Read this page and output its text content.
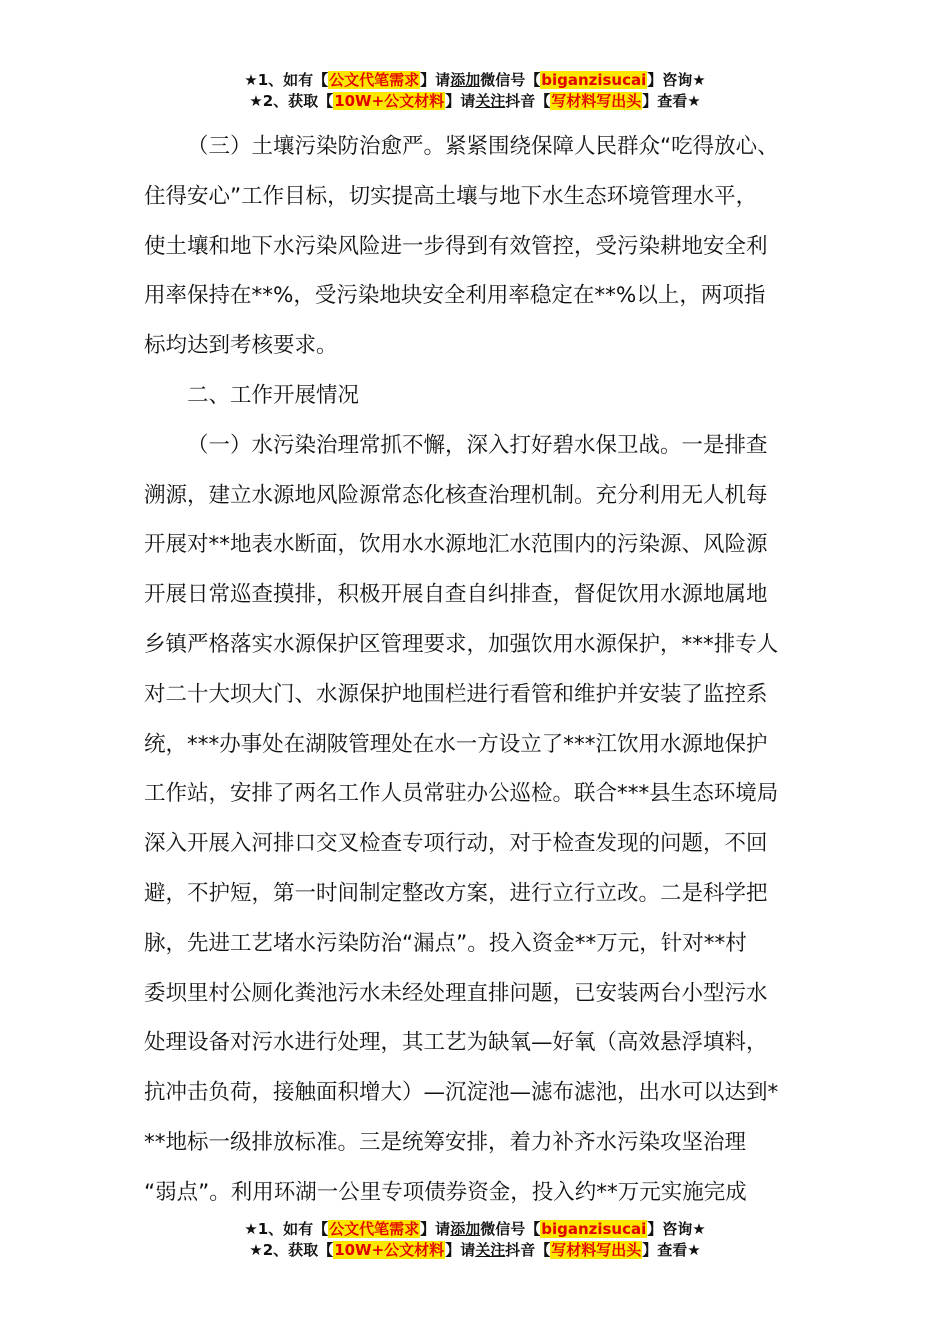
★1、如有【公文代笔需求】请添加微信号【biganzisucai】咨询★
★2、获取【10W+公文材料】请关注抖音【写材料写出头】查看★
（三）土壤污染防治愈严。紧紧围绕保障人民群众“吃得放心、
住得安心”工作目标，切实提高土壤与地下水生态环境管理水平，
使土壤和地下水污染风险进一步得到有效管控，受污染耕地安全利
用率保持在**%，受污染地块安全利用率稳定在**%以上，两项指
标均达到考核要求。
二、工作开展情况
（一）水污染治理常抓不懈，深入打好碧水保卫战。一是排查
溯源，建立水源地风险源常态化核查治理机制。充分利用无人机每
开展对**地表水断面，饮用水水源地汇水范围内的污染源、风险源
开展日常巡查摸排，积极开展自查自纠排查，督促饮用水源地属地
乡镇严格落实水源保护区管理要求，加强饮用水源保护，***排专人
对二十大坝大门、水源保护地围栏进行看管和维护并安装了监控系
统，***办事处在湖陂管理处在水一方设立了***江饮用水源地保护
工作站，安排了两名工作人员常驻办公巡检。联合***县生态环境局
深入开展入河排口交叉检查专项行动，对于检查发现的问题，不回
避，不护短，第一时间制定整改方案，进行立行立改。二是科学把
脉，先进工艺堵水污染防治“漏点”。投入资金**万元，针对**村
委坝里村公厕化粪池污水未经处理直排问题，已安装两台小型污水
处理设备对污水进行处理，其工艺为缺氧—好氧（高效悬浮填料，
抗冲击负荷，接触面积增大）—沉淀池—滤布滤池，出水可以达到*
**地标一级排放标准。三是统筹安排，着力补齐水污染攻坚治理
“弱点”。利用环湖一公里专项债券资金，投入约**万元实施完成
★1、如有【公文代笔需求】请添加微信号【biganzisucai】咨询★
★2、获取【10W+公文材料】请关注抖音【写材料写出头】查看★
